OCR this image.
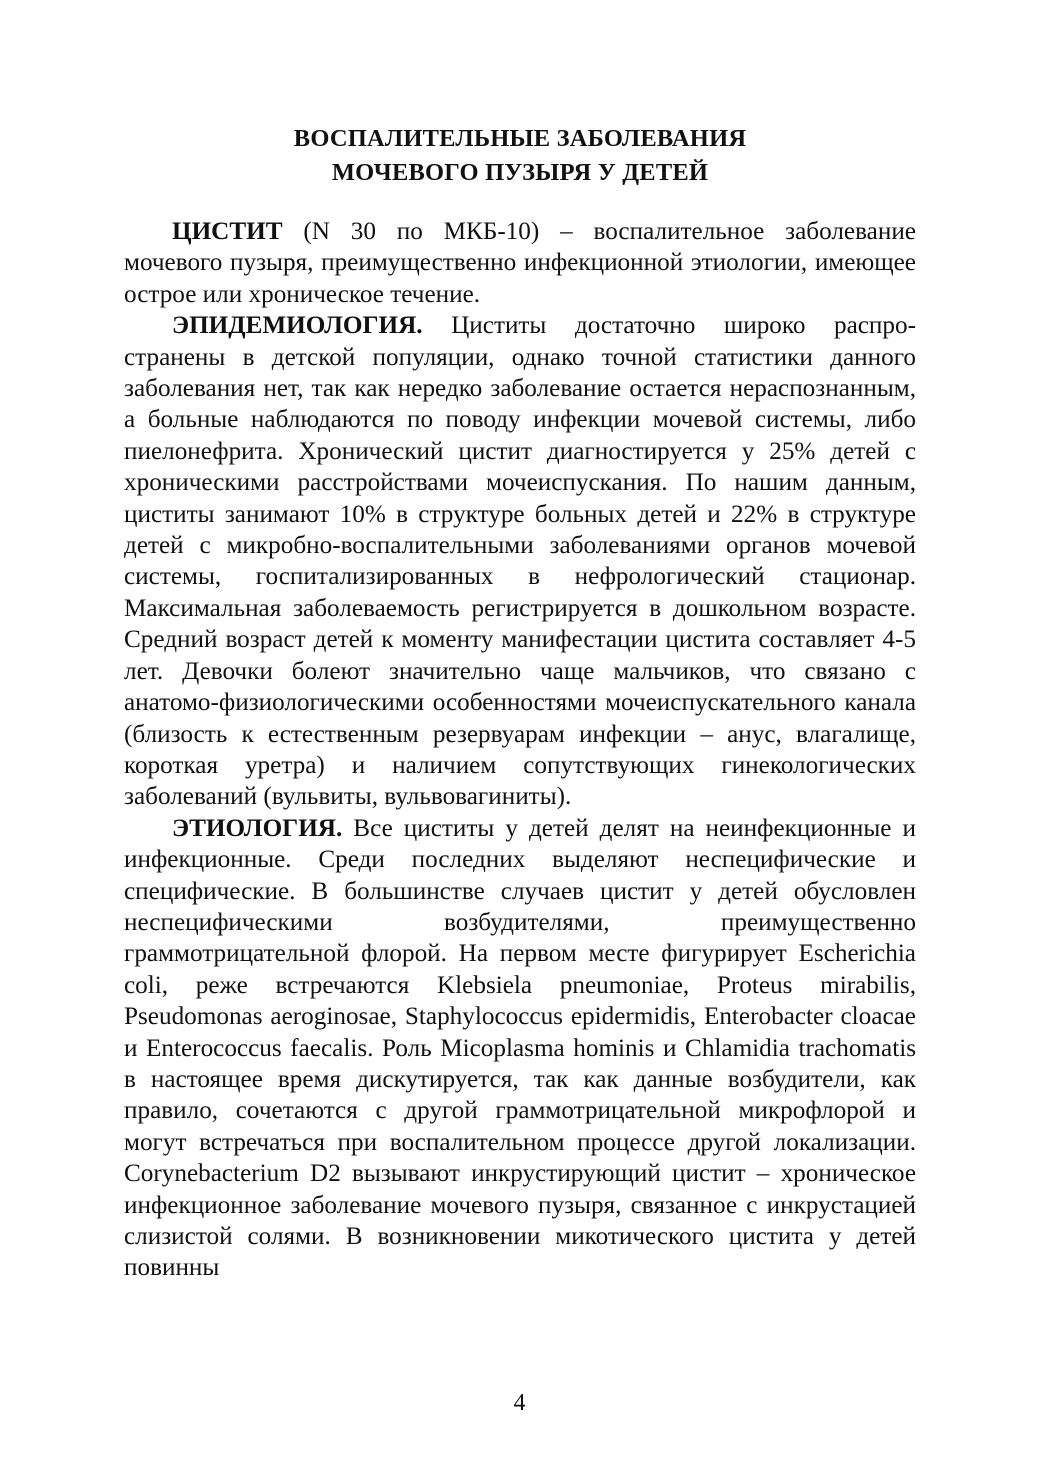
ВОСПАЛИТЕЛЬНЫЕ ЗАБОЛЕВАНИЯ
МОЧЕВОГО ПУЗЫРЯ У ДЕТЕЙ

ЦИСТИТ (N 30 по МКБ-10) – воспалительное заболевание мочевого пузыря, преимущественно инфекционной этиологии, имеющее острое или хроническое течение.

ЭПИДЕМИОЛОГИЯ. Циститы достаточно широко распространены в детской популяции, однако точной статистики данного заболевания нет, так как нередко заболевание остается нераспознанным, а больные наблюдаются по поводу инфекции мочевой системы, либо пиелонефрита. Хронический цистит диагностируется у 25% детей с хроническими расстройствами мочеиспускания. По нашим данным, циститы занимают 10% в структуре больных детей и 22% в структуре детей с микробно-воспалительными заболеваниями органов мочевой системы, госпитализированных в нефрологический стационар. Максимальная заболеваемость регистрируется в дошкольном возрасте. Средний возраст детей к моменту манифестации цистита составляет 4-5 лет. Девочки болеют значительно чаще мальчиков, что связано с анатомо-физиологическими особенностями мочеиспускательного канала (близость к естественным резервуарам инфекции – анус, влагалище, короткая уретра) и наличием сопутствующих гинекологических заболеваний (вульвиты, вульвовагиниты).

ЭТИОЛОГИЯ. Все циститы у детей делят на неинфекционные и инфекционные. Среди последних выделяют неспецифические и специфические. В большинстве случаев цистит у детей обусловлен неспецифическими возбудителями, преимущественно граммотрицательной флорой. На первом месте фигурирует Escherichia coli, реже встречаются Klebsiela pneumoniae, Proteus mirabilis, Pseudomonas aeroginosae, Staphylococcus epidermidis, Enterobacter cloacae и Enterococcus faecalis. Роль Micoplasma hominis и Chlamidia trachomatis в настоящее время дискутируется, так как данные возбудители, как правило, сочетаются с другой граммотрицательной микрофлорой и могут встречаться при воспалительном процессе другой локализации. Corynebacterium D2 вызывают инкрустирующий цистит – хроническое инфекционное заболевание мочевого пузыря, связанное с инкрустацией слизистой солями. В возникновении микотического цистита у детей повинны

4
